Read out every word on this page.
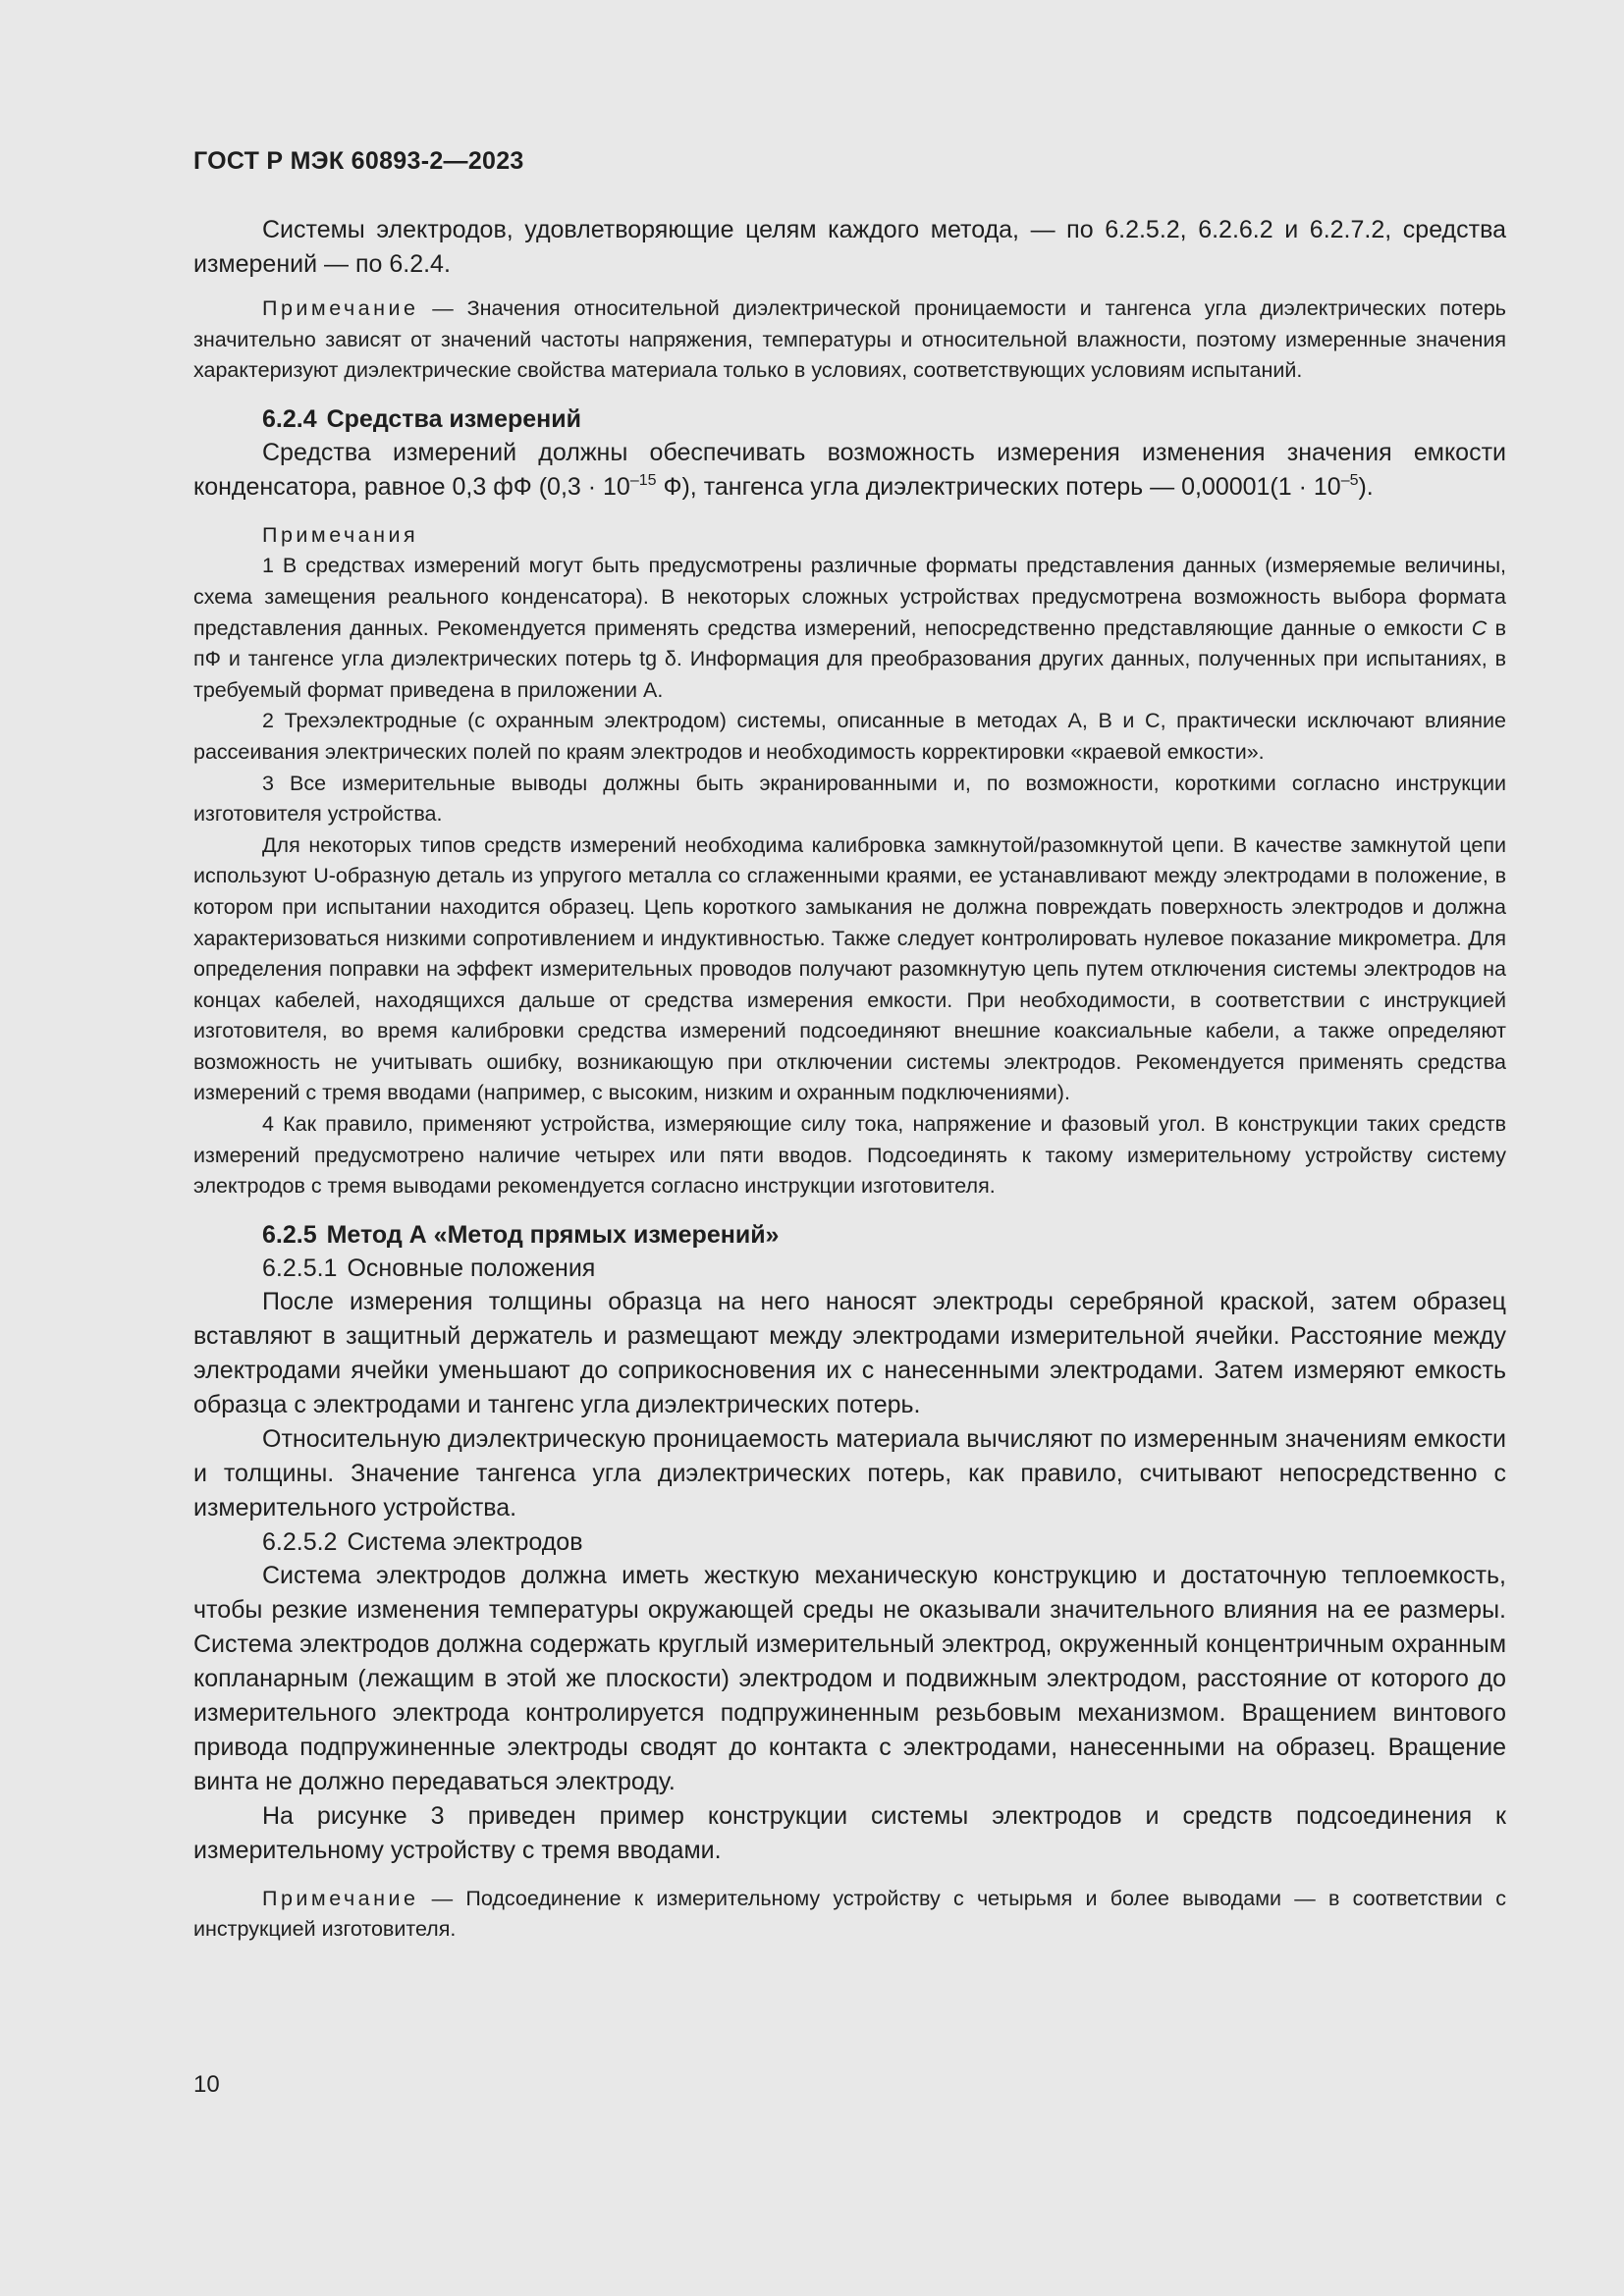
ГОСТ Р МЭК 60893-2—2023

Системы электродов, удовлетворяющие целям каждого метода, — по 6.2.5.2, 6.2.6.2 и 6.2.7.2, средства измерений — по 6.2.4.

Примечание — Значения относительной диэлектрической проницаемости и тангенса угла диэлектрических потерь значительно зависят от значений частоты напряжения, температуры и относительной влажности, поэтому измеренные значения характеризуют диэлектрические свойства материала только в условиях, соответствующих условиям испытаний.

6.2.4 Средства измерений

Средства измерений должны обеспечивать возможность измерения изменения значения емкости конденсатора, равное 0,3 фФ ($0,3 \cdot 10^{-15}$ Ф), тангенса угла диэлектрических потерь — $0,00001(1 \cdot 10^{-5})$.

Примечания

1 В средствах измерений могут быть предусмотрены различные форматы представления данных (измеряемые величины, схема замещения реального конденсатора). В некоторых сложных устройствах предусмотрена возможность выбора формата представления данных. Рекомендуется применять средства измерений, непосредственно представляющие данные о емкости C в пФ и тангенсе угла диэлектрических потерь tg δ. Информация для преобразования других данных, полученных при испытаниях, в требуемый формат приведена в приложении А.

2 Трехэлектродные (с охранным электродом) системы, описанные в методах А, В и С, практически исключают влияние рассеивания электрических полей по краям электродов и необходимость корректировки «краевой емкости».

3 Все измерительные выводы должны быть экранированными и, по возможности, короткими согласно инструкции изготовителя устройства.

Для некоторых типов средств измерений необходима калибровка замкнутой/разомкнутой цепи. В качестве замкнутой цепи используют U-образную деталь из упругого металла со сглаженными краями, ее устанавливают между электродами в положение, в котором при испытании находится образец. Цепь короткого замыкания не должна повреждать поверхность электродов и должна характеризоваться низкими сопротивлением и индуктивностью. Также следует контролировать нулевое показание микрометра. Для определения поправки на эффект измерительных проводов получают разомкнутую цепь путем отключения системы электродов на концах кабелей, находящихся дальше от средства измерения емкости. При необходимости, в соответствии с инструкцией изготовителя, во время калибровки средства измерений подсоединяют внешние коаксиальные кабели, а также определяют возможность не учитывать ошибку, возникающую при отключении системы электродов. Рекомендуется применять средства измерений с тремя вводами (например, с высоким, низким и охранным подключениями).

4 Как правило, применяют устройства, измеряющие силу тока, напряжение и фазовый угол. В конструкции таких средств измерений предусмотрено наличие четырех или пяти вводов. Подсоединять к такому измерительному устройству систему электродов с тремя выводами рекомендуется согласно инструкции изготовителя.

6.2.5 Метод А «Метод прямых измерений»
6.2.5.1 Основные положения

После измерения толщины образца на него наносят электроды серебряной краской, затем образец вставляют в защитный держатель и размещают между электродами измерительной ячейки. Расстояние между электродами ячейки уменьшают до соприкосновения их с нанесенными электродами. Затем измеряют емкость образца с электродами и тангенс угла диэлектрических потерь.

Относительную диэлектрическую проницаемость материала вычисляют по измеренным значениям емкости и толщины. Значение тангенса угла диэлектрических потерь, как правило, считывают непосредственно с измерительного устройства.

6.2.5.2 Система электродов

Система электродов должна иметь жесткую механическую конструкцию и достаточную теплоемкость, чтобы резкие изменения температуры окружающей среды не оказывали значительного влияния на ее размеры. Система электродов должна содержать круглый измерительный электрод, окруженный концентричным охранным копланарным (лежащим в этой же плоскости) электродом и подвижным электродом, расстояние от которого до измерительного электрода контролируется подпружиненным резьбовым механизмом. Вращением винтового привода подпружиненные электроды сводят до контакта с электродами, нанесенными на образец. Вращение винта не должно передаваться электроду.

На рисунке 3 приведен пример конструкции системы электродов и средств подсоединения к измерительному устройству с тремя вводами.

Примечание — Подсоединение к измерительному устройству с четырьмя и более выводами — в соответствии с инструкцией изготовителя.

10
